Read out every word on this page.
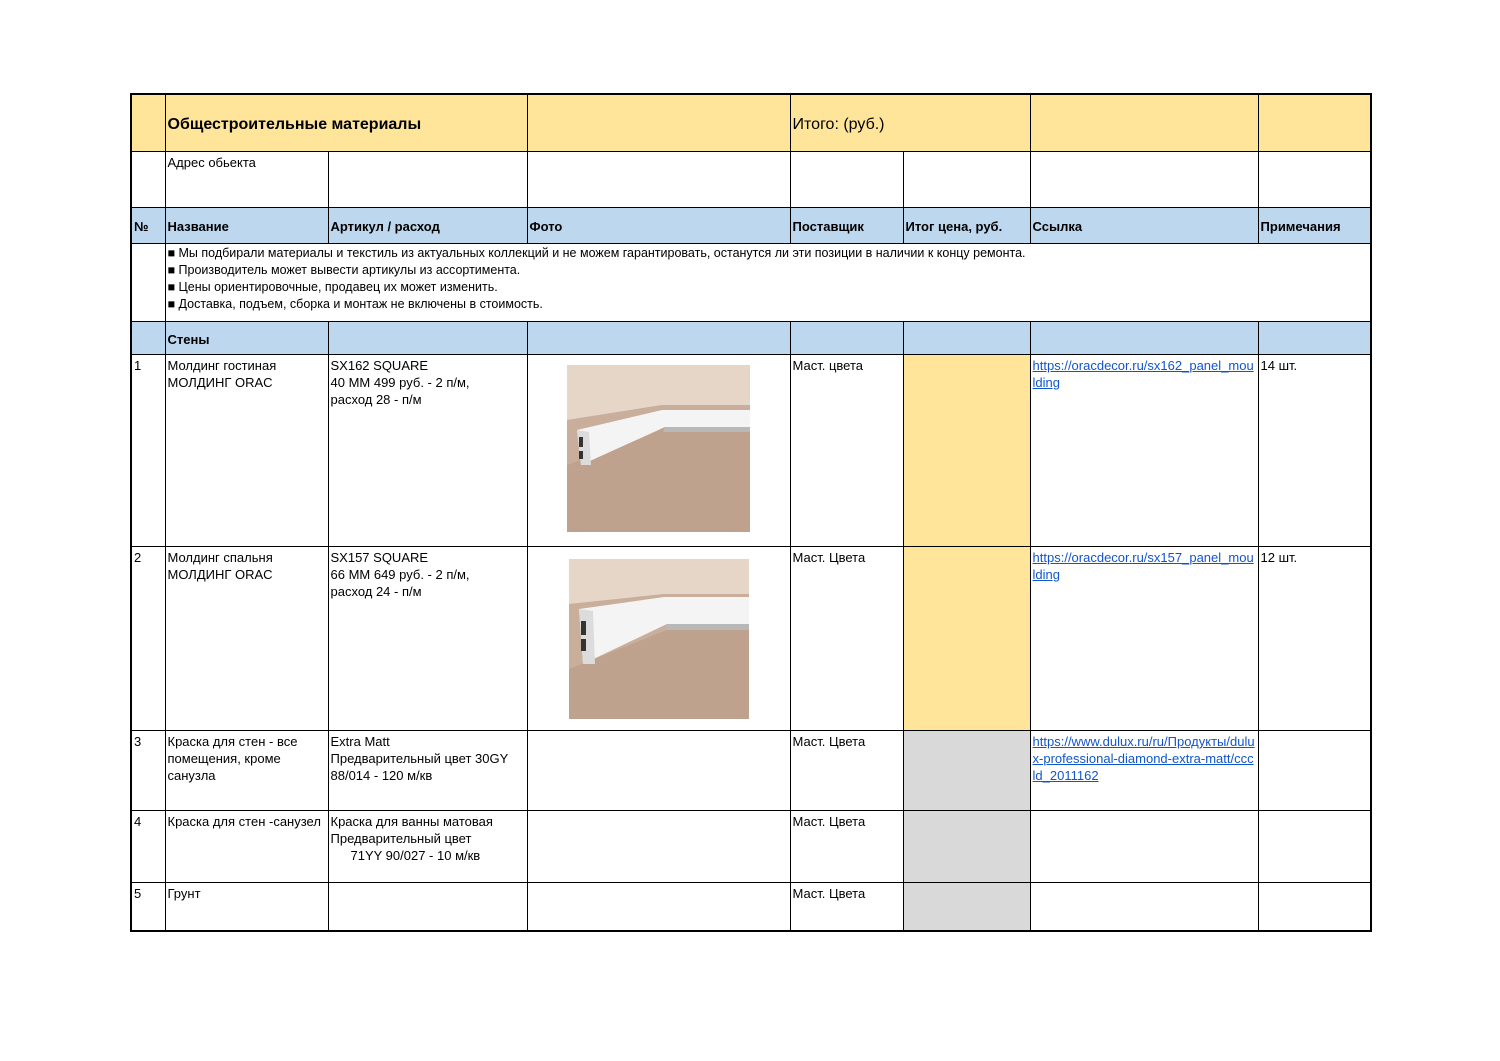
	Общестроительные материалы			Итого: (руб.)			
	Адрес обьекта						
№	Название	Артикул / расход	Фото	Поставщик	Итог цена, руб.	Ссылка	Примечания

	■ Мы подбирали материалы и текстиль из актуальных коллекций и не можем гарантировать, останутся ли эти позиции в наличии к концу ремонта.
■ Производитель может вывести артикулы из ассортимента.
■ Цены ориентировочные, продавец их может изменить.
■ Доставка, подъем, сборка и монтаж не включены в стоимость.						

	Стены						
1	Молдинг гостиная
МОЛДИНГ ORAC	SX162 SQUARE
40 MM 499 руб. - 2 п/м,
расход 28 - п/м		Маст. цвета		https://oracdecor.ru/sx162_panel_moulding	14 шт.
2	Молдинг спальня
МОЛДИНГ ORAC	SX157 SQUARE
66 MM 649 руб. - 2 п/м,
расход 24 - п/м		Маст. Цвета		https://oracdecor.ru/sx157_panel_moulding	12 шт.
3	Краска для стен - все помещения, кроме санузла	Extra Matt
Предварительный цвет 30GY 88/014 - 120 м/кв		Маст. Цвета		https://www.dulux.ru/ru/Продукты/dulux-professional-diamond-extra-matt/cccld_2011162	
4	Краска для стен -санузел	Краска для ванны матовая
Предварительный цвет
71YY 90/027 - 10 м/кв		Маст. Цвета			
5	Грунт			Маст. Цвета			
